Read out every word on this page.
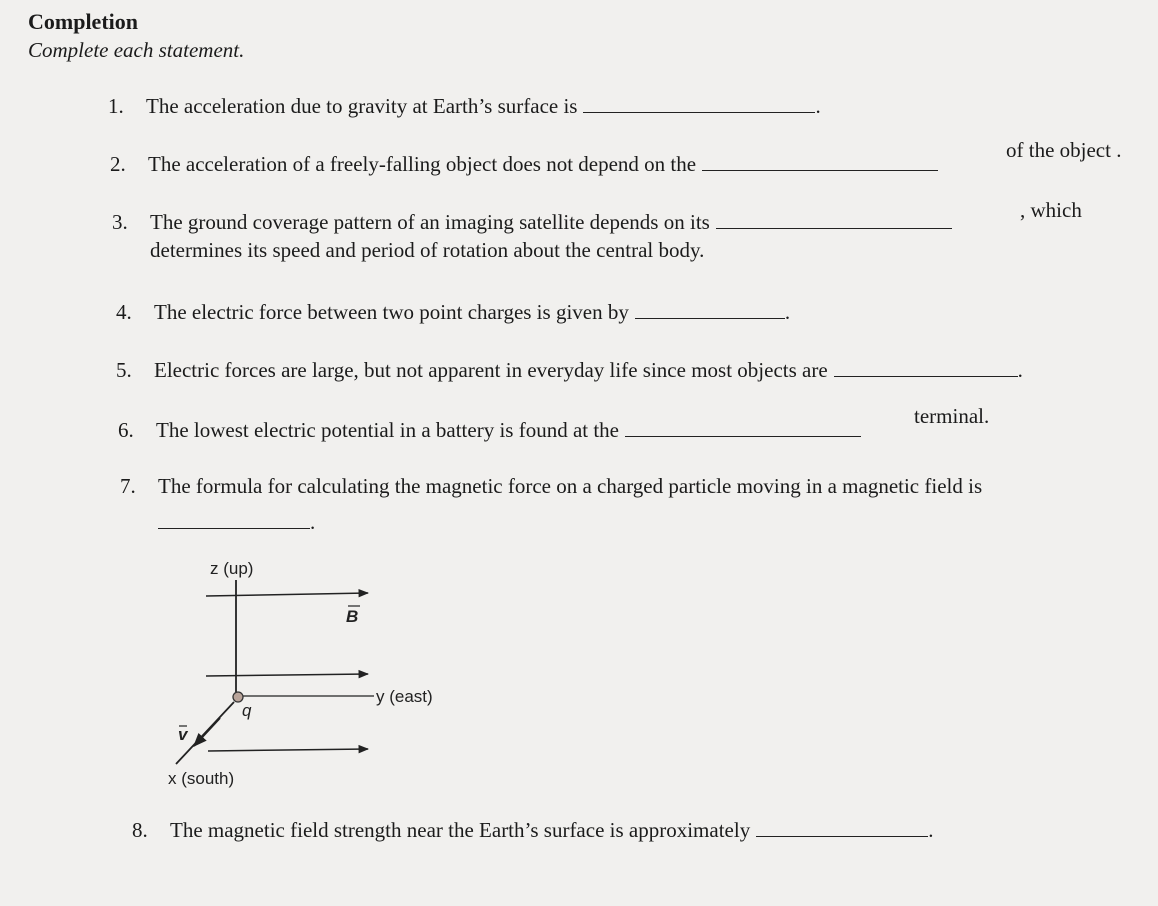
Completion
Complete each statement.
1. The acceleration due to gravity at Earth’s surface is	.
2. The acceleration of a freely-falling object does not depend on the
of the object .
3. The ground coverage pattern of an imaging satellite depends on its	, which
determines its speed and period of rotation about the central body.
4. The electric force between two point charges is given by	.
5. Electric forces are large, but not apparent in everyday life since most objects are	.
6. The lowest electric potential in a battery is found at the
terminal.
7. The formula for calculating the magnetic force on a charged particle moving in a magnetic field is
.
z (up)
B
y (east)
q
v
x (south)
8. The magnetic field strength near the Earth’s surface is approximately	.
